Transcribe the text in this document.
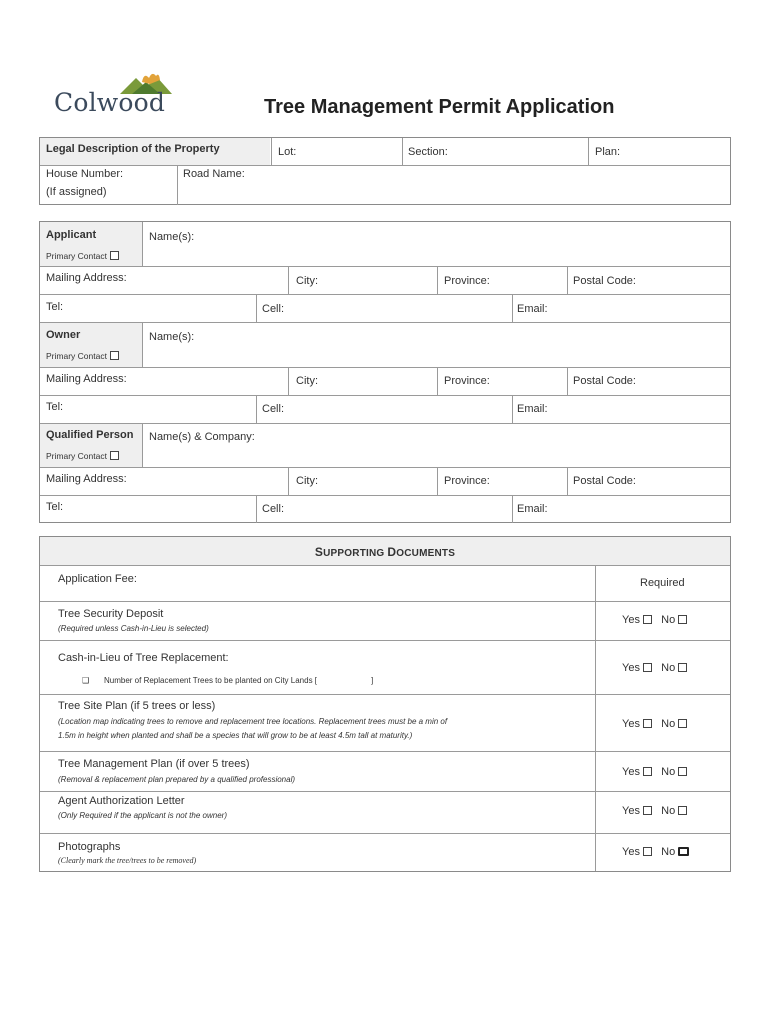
Colwood	Tree Management Permit Application
Legal Description of the Property	Lot:	Section:	Plan:
House Number:
(If assigned)
Road Name:
Applicant
Primary Contact
Name(s):
Mailing Address:	City:	Province:	Postal Code:
Tel:	Cell:	Email:
Owner
Primary Contact
Name(s):
Mailing Address:	City:	Province:	Postal Code:
Tel:	Cell:	Email:
Qualified Person
Primary Contact
Name(s) & Company:
Mailing Address:	City:	Province:	Postal Code:
Tel:	Cell:	Email:
SUPPORTING DOCUMENTS
Application Fee:	Required
Tree Security Deposit
(Required unless Cash-in-Lieu is selected)
Yes No
Cash-in-Lieu of Tree Replacement:
❑ Number of Replacement Trees to be planted on City Lands [	]
Yes No
Tree Site Plan (if 5 trees or less)
(Location map indicating trees to remove and replacement tree locations. Replacement trees must be a min of
1.5m in height when planted and shall be a species that will grow to be at least 4.5m tall at maturity.)
Yes No
Tree Management Plan (if over 5 trees)
(Removal & replacement plan prepared by a qualified professional)
Yes No
Agent Authorization Letter
(Only Required if the applicant is not the owner)	Yes No
Photographs
(Clearly mark the tree/trees to be removed)
Yes No
